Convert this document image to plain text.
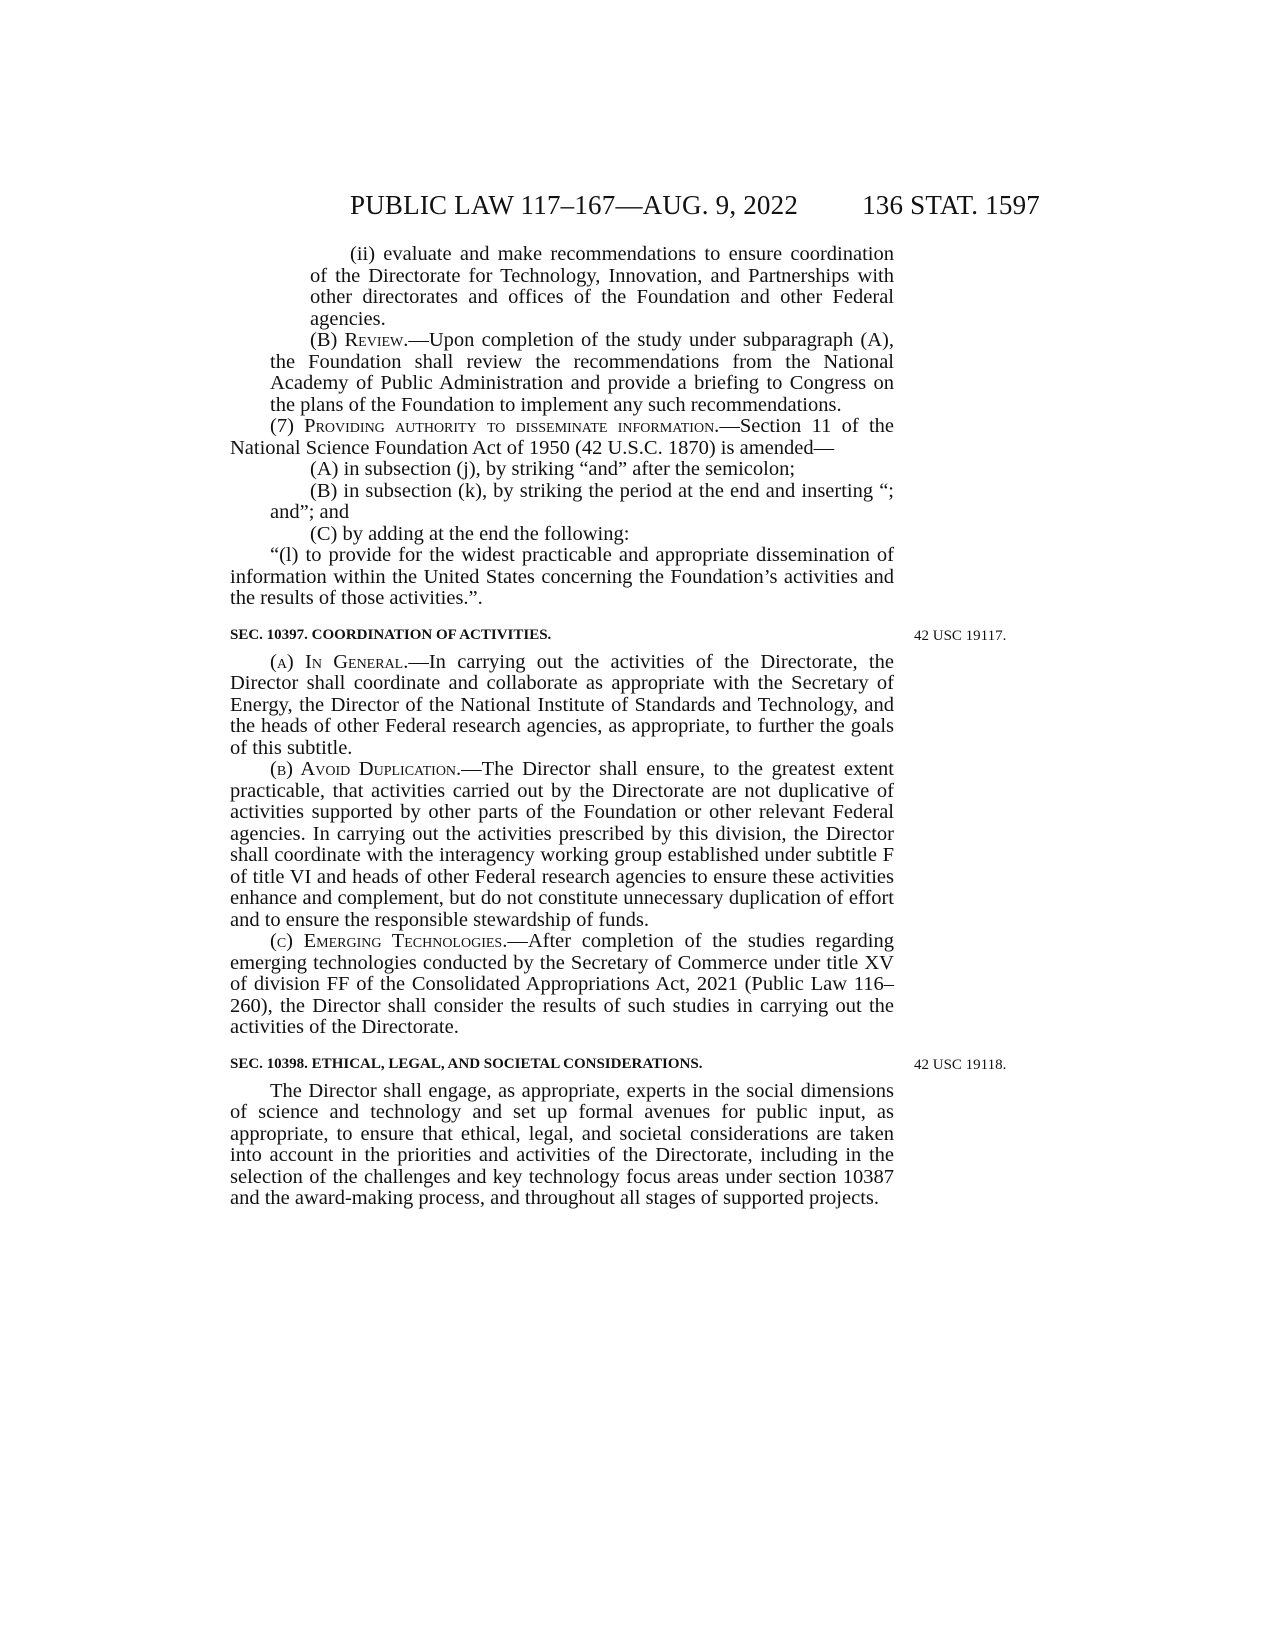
PUBLIC LAW 117–167—AUG. 9, 2022 136 STAT. 1597

(ii) evaluate and make recommendations to ensure coordination of the Directorate for Technology, Innovation, and Partnerships with other directorates and offices of the Foundation and other Federal agencies.

(B) Review.—Upon completion of the study under subparagraph (A), the Foundation shall review the recommendations from the National Academy of Public Administration and provide a briefing to Congress on the plans of the Foundation to implement any such recommendations.

(7) Providing authority to disseminate information.—Section 11 of the National Science Foundation Act of 1950 (42 U.S.C. 1870) is amended—

(A) in subsection (j), by striking “and” after the semicolon;

(B) in subsection (k), by striking the period at the end and inserting “; and”; and

(C) by adding at the end the following:

“(l) to provide for the widest practicable and appropriate dissemination of information within the United States concerning the Foundation’s activities and the results of those activities.”.

SEC. 10397. COORDINATION OF ACTIVITIES.	42 USC 19117.

(a) In General.—In carrying out the activities of the Directorate, the Director shall coordinate and collaborate as appropriate with the Secretary of Energy, the Director of the National Institute of Standards and Technology, and the heads of other Federal research agencies, as appropriate, to further the goals of this subtitle.

(b) Avoid Duplication.—The Director shall ensure, to the greatest extent practicable, that activities carried out by the Directorate are not duplicative of activities supported by other parts of the Foundation or other relevant Federal agencies. In carrying out the activities prescribed by this division, the Director shall coordinate with the interagency working group established under subtitle F of title VI and heads of other Federal research agencies to ensure these activities enhance and complement, but do not constitute unnecessary duplication of effort and to ensure the responsible stewardship of funds.

(c) Emerging Technologies.—After completion of the studies regarding emerging technologies conducted by the Secretary of Commerce under title XV of division FF of the Consolidated Appropriations Act, 2021 (Public Law 116–260), the Director shall consider the results of such studies in carrying out the activities of the Directorate.

SEC. 10398. ETHICAL, LEGAL, AND SOCIETAL CONSIDERATIONS.	42 USC 19118.

The Director shall engage, as appropriate, experts in the social dimensions of science and technology and set up formal avenues for public input, as appropriate, to ensure that ethical, legal, and societal considerations are taken into account in the priorities and activities of the Directorate, including in the selection of the challenges and key technology focus areas under section 10387 and the award-making process, and throughout all stages of supported projects.
